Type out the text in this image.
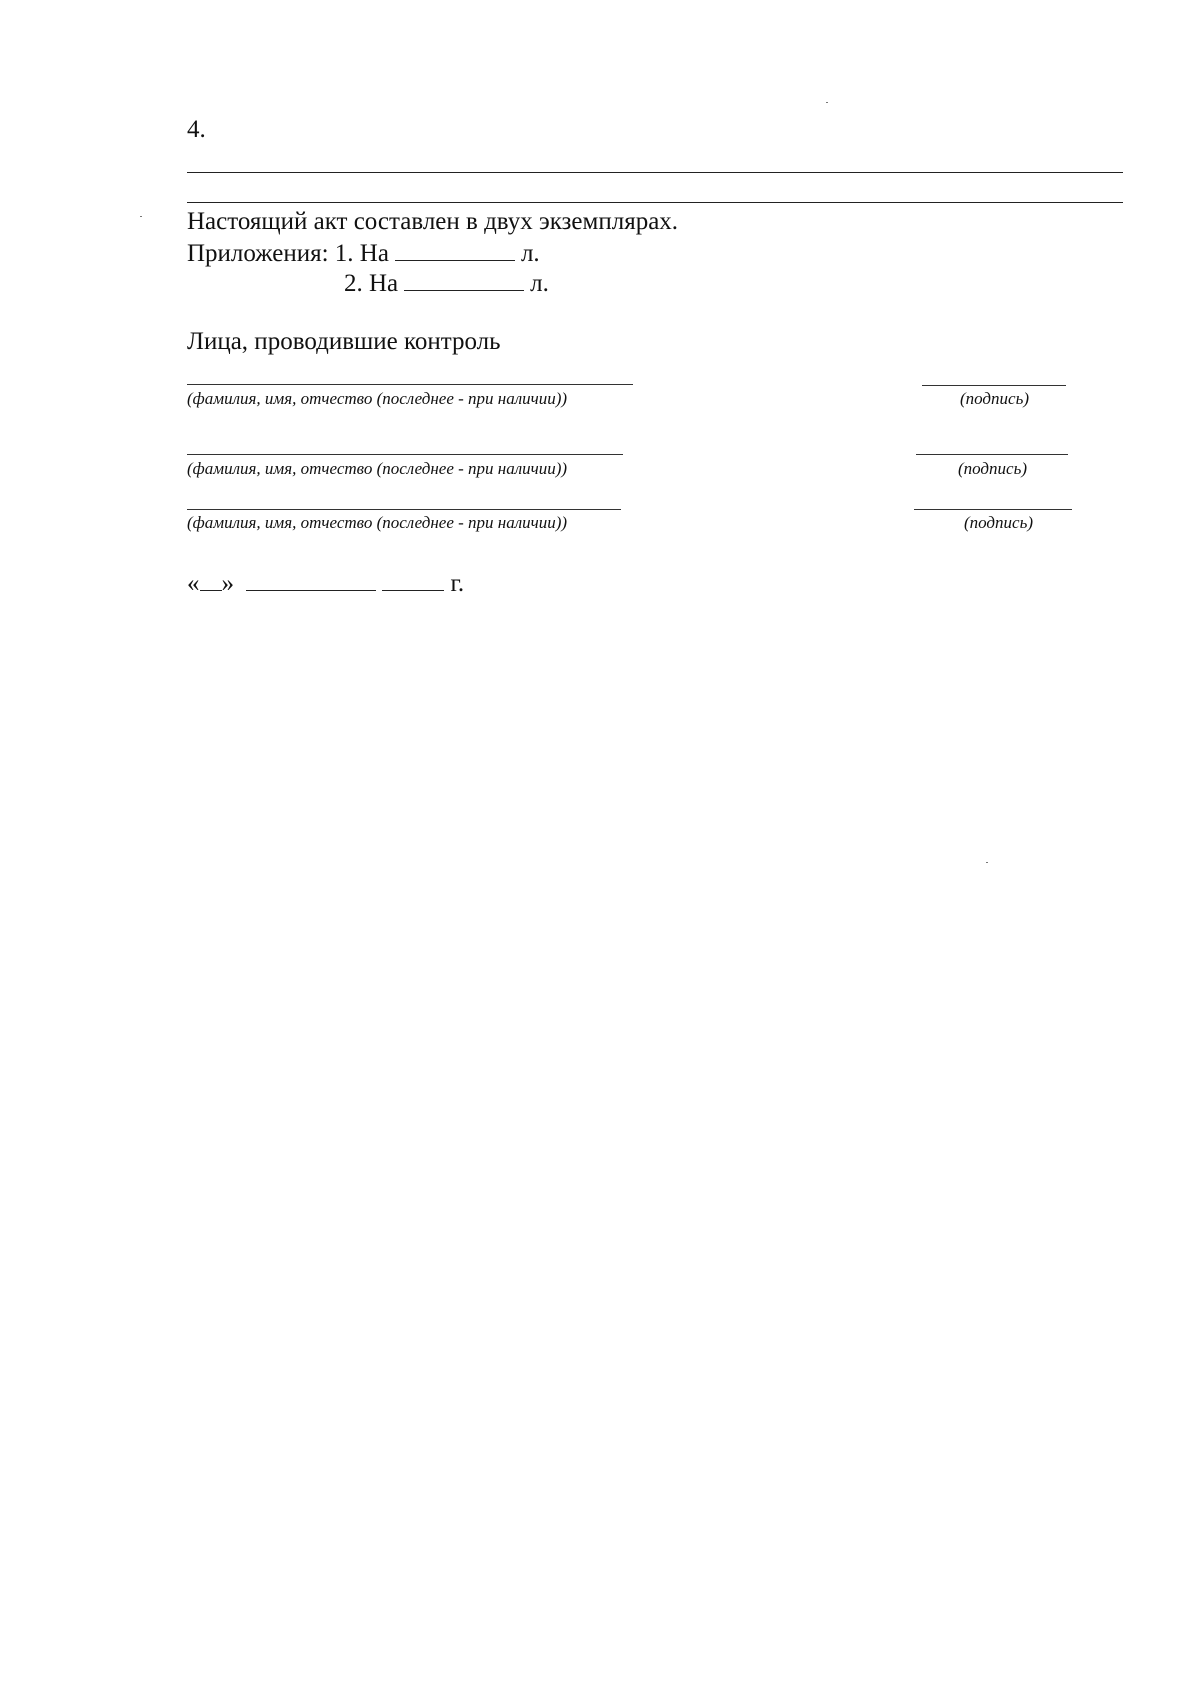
4.
Настоящий акт составлен в двух экземплярах.
Приложения: 1. На	л.
2. На	л.
Лица, проводившие контроль
(фамилия, имя, отчество (последнее - при наличии))	(подпись)
(фамилия, имя, отчество (последнее - при наличии))	(подпись)
(фамилия, имя, отчество (последнее - при наличии))	(подпись)
« »	г.
